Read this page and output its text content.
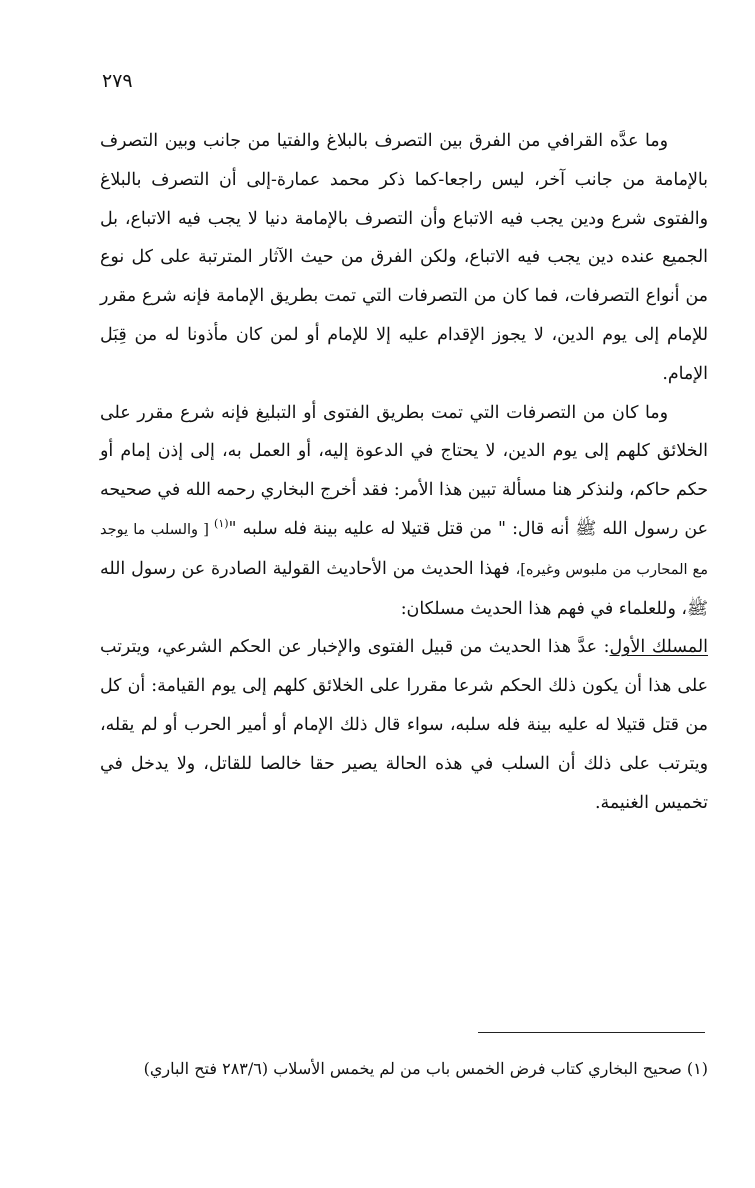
٢٧٩

وما عدَّه القرافي من الفرق بين التصرف بالبلاغ والفتيا من جانب وبين التصرف بالإمامة من جانب آخر، ليس راجعا-كما ذكر محمد عمارة-إلى أن التصرف بالبلاغ والفتوى شرع ودين يجب فيه الاتباع وأن التصرف بالإمامة دنيا لا يجب فيه الاتباع، بل الجميع عنده دين يجب فيه الاتباع، ولكن الفرق من حيث الآثار المترتبة على كل نوع من أنواع التصرفات، فما كان من التصرفات التي تمت بطريق الإمامة فإنه شرع مقرر للإمام إلى يوم الدين، لا يجوز الإقدام عليه إلا للإمام أو لمن كان مأذونا له من قِبَل الإمام.

وما كان من التصرفات التي تمت بطريق الفتوى أو التبليغ فإنه شرع مقرر على الخلائق كلهم إلى يوم الدين، لا يحتاج في الدعوة إليه، أو العمل به، إلى إذن إمام أو حكم حاكم، ولنذكر هنا مسألة تبين هذا الأمر: فقد أخرج البخاري رحمه الله في صحيحه عن رسول الله ﷺ أنه قال: " من قتل قتيلا له عليه بينة فله سلبه "$^{(١)}$ [ والسلب ما يوجد مع المحارب من ملبوس وغيره]، فهذا الحديث من الأحاديث القولية الصادرة عن رسول الله ﷺ، وللعلماء في فهم هذا الحديث مسلكان:

المسلك الأول: عدَّ هذا الحديث من قبيل الفتوى والإخبار عن الحكم الشرعي، ويترتب على هذا أن يكون ذلك الحكم شرعا مقررا على الخلائق كلهم إلى يوم القيامة: أن كل من قتل قتيلا له عليه بينة فله سلبه، سواء قال ذلك الإمام أو أمير الحرب أو لم يقله، ويترتب على ذلك أن السلب في هذه الحالة يصير حقا خالصا للقاتل، ولا يدخل في تخميس الغنيمة.

(١) صحيح البخاري كتاب فرض الخمس باب من لم يخمس الأسلاب (٢٨٣/٦ فتح الباري)
